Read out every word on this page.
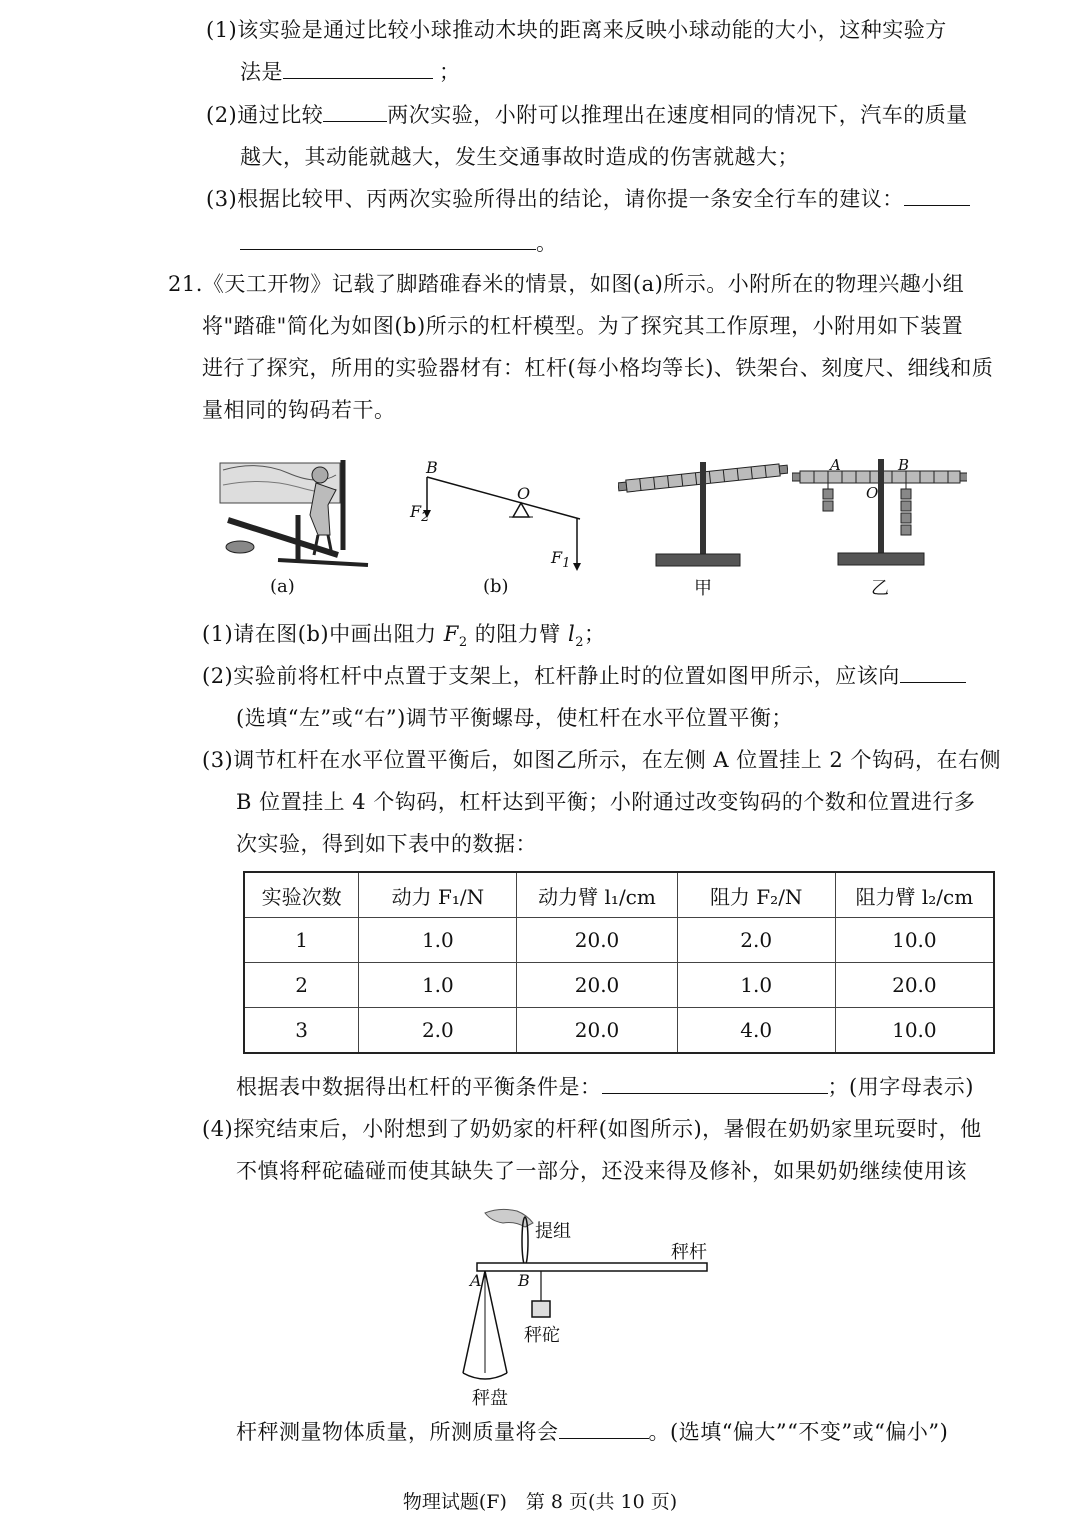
(1)该实验是通过比较小球推动木块的距离来反映小球动能的大小，这种实验方
法是	；
(2)通过比较	两次实验，小附可以推理出在速度相同的情况下，汽车的质量
越大，其动能就越大，发生交通事故时造成的伤害就越大；
(3)根据比较甲、丙两次实验所得出的结论，请你提一条安全行车的建议：
。
21.《天工开物》记载了脚踏碓舂米的情景，如图(a)所示。小附所在的物理兴趣小组
将"踏碓"简化为如图(b)所示的杠杆模型。为了探究其工作原理，小附用如下装置
进行了探究，所用的实验器材有：杠杆(每小格均等长)、铁架台、刻度尺、细线和质
量相同的钩码若干。
(a)
B
O
$F_2$
$F_1$
(b)	甲
A	B
O
乙
(1)请在图(b)中画出阻力 $F_2$ 的阻力臂 $l_2$；
(2)实验前将杠杆中点置于支架上，杠杆静止时的位置如图甲所示，应该向
(选填“左”或“右”)调节平衡螺母，使杠杆在水平位置平衡；
(3)调节杠杆在水平位置平衡后，如图乙所示，在左侧 A 位置挂上 2 个钩码，在右侧
B 位置挂上 4 个钩码，杠杆达到平衡；小附通过改变钩码的个数和位置进行多
次实验，得到如下表中的数据：
实验次数	动力 F₁/N	动力臂 l₁/cm	阻力 F₂/N	阻力臂 l₂/cm
1	1.0	20.0	2.0	10.0
2	1.0	20.0	1.0	20.0
3	2.0	20.0	4.0	10.0
根据表中数据得出杠杆的平衡条件是：	；(用字母表示)
(4)探究结束后，小附想到了奶奶家的杆秤(如图所示)，暑假在奶奶家里玩耍时，他
不慎将秤砣磕碰而使其缺失了一部分，还没来得及修补，如果奶奶继续使用该
提组
秤杆
A B
秤砣
秤盘
杆秤测量物体质量，所测质量将会	。(选填“偏大”“不变”或“偏小”)
物理试题(F)　第 8 页(共 10 页)
